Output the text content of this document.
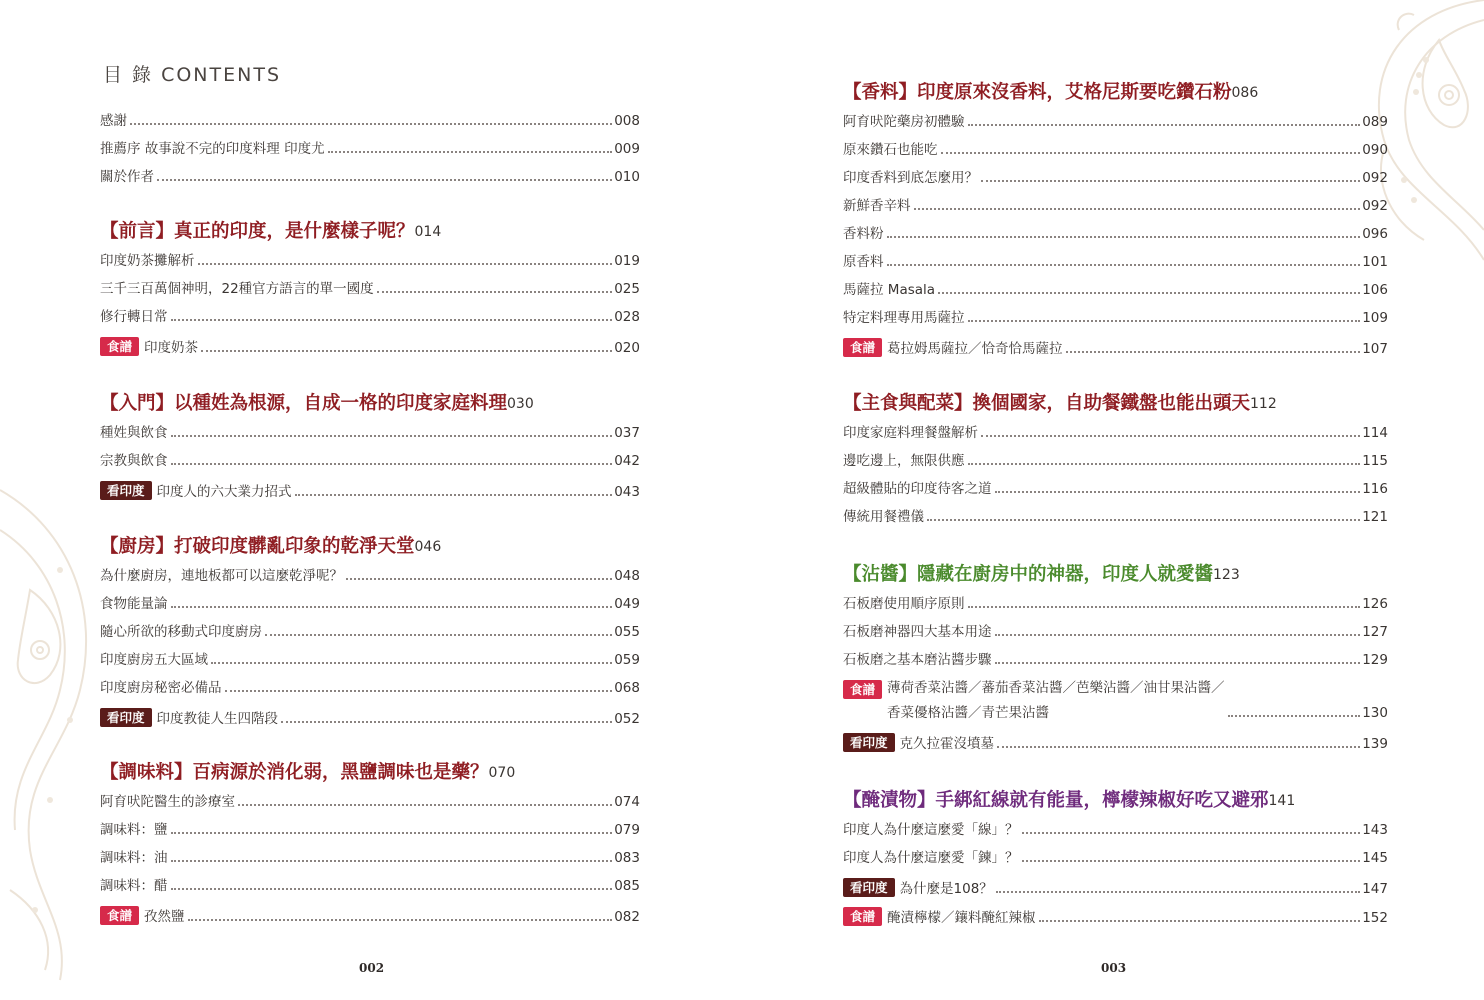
目 錄 CONTENTS
感謝	008
推薦序 故事說不完的印度料理 印度尤	009
關於作者	010
【前言】真正的印度，是什麼樣子呢？ 014
印度奶茶攤解析	019
三千三百萬個神明，22種官方語言的單一國度	025
修行轉日常	028
食譜 印度奶茶	020
【入門】以種姓為根源，自成一格的印度家庭料理 030
種姓與飲食	037
宗教與飲食	042
看印度 印度人的六大業力招式	043
【廚房】打破印度髒亂印象的乾淨天堂 046
為什麼廚房，連地板都可以這麼乾淨呢？	048
食物能量論	049
隨心所欲的移動式印度廚房	055
印度廚房五大區域	059
印度廚房秘密必備品	068
看印度 印度教徒人生四階段	052
【調味料】百病源於消化弱，黑鹽調味也是藥？ 070
阿育吠陀醫生的診療室	074
調味料：鹽	079
調味料：油	083
調味料：醋	085
食譜 孜然鹽	082
002
【香料】印度原來沒香料，艾格尼斯要吃鑽石粉 086
阿育吠陀藥房初體驗	089
原來鑽石也能吃	090
印度香料到底怎麼用？	092
新鮮香辛料	092
香料粉	096
原香料	101
馬薩拉 Masala	106
特定料理專用馬薩拉	109
食譜 葛拉姆馬薩拉／恰奇恰馬薩拉	107
【主食與配菜】換個國家，自助餐鐵盤也能出頭天 112
印度家庭料理餐盤解析	114
邊吃邊上，無限供應	115
超級體貼的印度待客之道	116
傳統用餐禮儀	121
【沾醬】隱藏在廚房中的神器，印度人就愛醬 123
石板磨使用順序原則	126
石板磨神器四大基本用途	127
石板磨之基本磨沾醬步驟	129
食譜 薄荷香菜沾醬／蕃茄香菜沾醬／芭樂沾醬／油甘果沾醬／
香菜優格沾醬／青芒果沾醬	130
看印度 克久拉霍沒墳墓	139
【醃漬物】手綁紅線就有能量，檸檬辣椒好吃又避邪 141
印度人為什麼這麼愛「線」？	143
印度人為什麼這麼愛「鍊」？	145
看印度 為什麼是108？	147
食譜 醃漬檸檬／鑲料醃紅辣椒	152
003
